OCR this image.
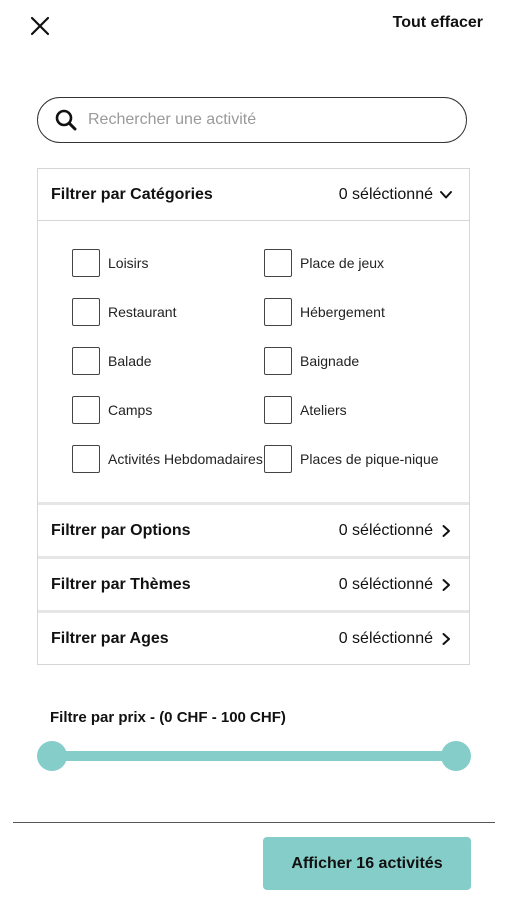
Tout effacer
Rechercher une activité
Filtrer par Catégories	0 séléctionné
Loisirs	Place de jeux
Restaurant	Hébergement
Balade	Baignade
Camps	Ateliers
Activités Hebdomadaires	Places de pique-nique
Filtrer par Options	0 séléctionné
Filtrer par Thèmes	0 séléctionné
Filtrer par Ages	0 séléctionné
Filtre par prix - (0 CHF - 100 CHF)
Afficher 16 activités
